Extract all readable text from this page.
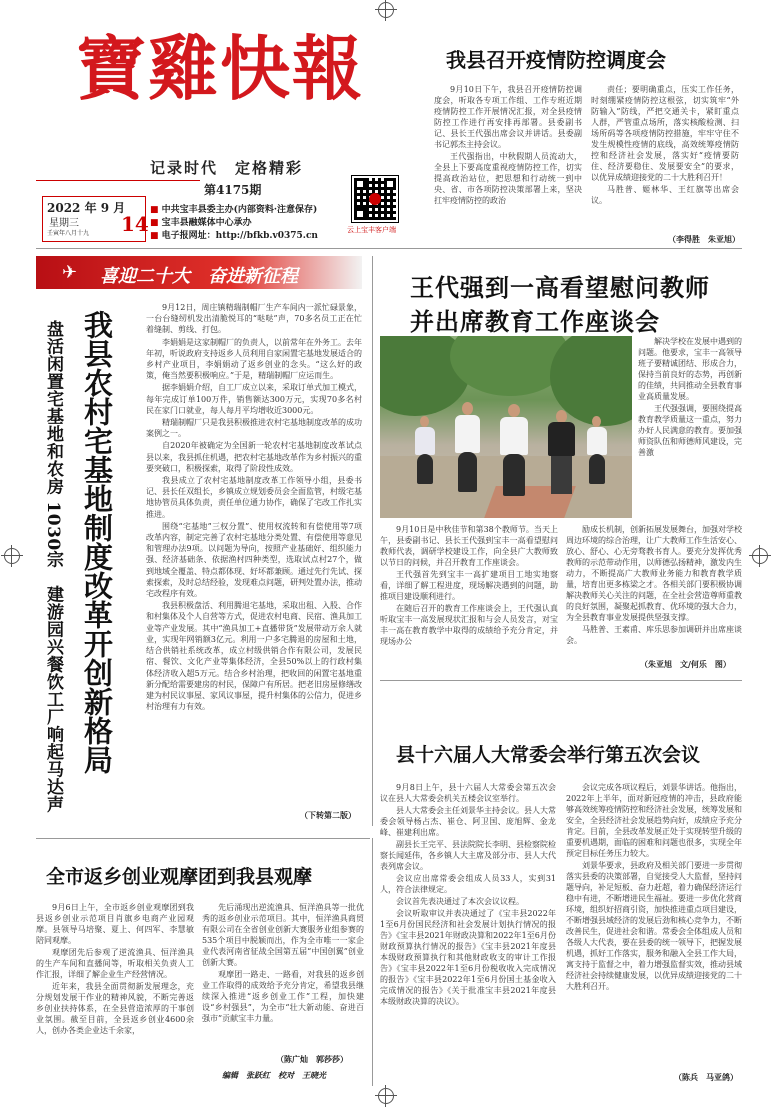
寶雞快報
记录时代　定格精彩
第4175期
2022 年 9 月
星期三
壬寅年八月十九 14
■ 中共宝丰县委主办(内部资料·注意保存)
■ 宝丰县融媒体中心承办
■ 电子报网址：http://bfkb.v0375.cn
云上宝丰客户端
我县召开疫情防控调度会

9月10日下午，我县召开疫情防控调度会，听取各专项工作组、工作专班近期疫情防控工作开展情况汇报，对全县疫情防控工作进行再安排再部署。县委副书记、县长王代强出席会议并讲话。县委副书记郭杰主持会议。

王代强指出，中秋假期人员流动大，全县上下要高度重视疫情防控工作，切实提高政治站位，把思想和行动统一到中央、省、市各项防控决策部署上来，坚决扛牢疫情防控的政治

责任；要明确重点，压实工作任务，时刻绷紧疫情防控这根弦，切实筑牢“外防输入”防线，严把交通关卡，紧盯重点人群，严管重点场所，落实核酸检测、扫场所码等各项疫情防控措施，牢牢守住不发生规模性疫情的底线，高效统筹疫情防控和经济社会发展，落实好“疫情要防住、经济要稳住、发展要安全”的要求，以优异成绩迎接党的二十大胜利召开！

马胜普、姬林华、王红旗等出席会议。

（李得胜　朱亚旭）
✈ 喜迎二十大　奋进新征程
我县农村宅基地制度改革开创新格局
盘活闲置宅基地和农房 1030宗　建游园兴餐饮工厂响起马达声

9月12日，周庄镇精瑞制帽厂生产车间内一派忙碌景象，一台台缝纫机发出清脆悦耳的“哒哒”声，70多名员工正在忙着缝制、剪线、打包。

李娟娟是这家制帽厂的负责人，以前常年在外务工。去年年初，听说政府支持返乡人员利用自家闲置宅基地发展适合的乡村产业项目，李娟娟动了返乡创业的念头。“这么好的政策，俺当然要积极响应。”于是，精瑞制帽厂应运而生。

据李娟娟介绍，自工厂成立以来，采取订单式加工模式，每年完成订单100万件，销售额达300万元，实现70多名村民在家门口就业，每人每月平均增收近3000元。

精瑞制帽厂只是我县积极推进农村宅基地制度改革的成功案例之一。

自2020年被确定为全国新一轮农村宅基地制度改革试点县以来，我县抓住机遇，把农村宅基地改革作为乡村振兴的重要突破口，积极探索，取得了阶段性成效。

我县成立了农村宅基地制度改革工作领导小组，县委书记、县长任双组长，乡镇成立规划委员会全面监管，村级宅基地协管员具体负责，责任单位通力协作，确保了宅改工作扎实推进。

围绕“宅基地”三权分置”、使用权流转和有偿使用等7项改革内容，制定完善了农村宅基地分类处置、有偿使用等意见和管理办法9项。以问题为导向，按照产业基础好、组织能力强、经济基础条、依据渔村四种类型，选取试点村27个，做到地域全覆盖、特点都体现、好坏都兼顾。通过先行先试、探索探索，及时总结经验，发现难点问题，研判处置办法，推动宅改程序有效。

我县积极盘活、利用腾退宅基地，采取出租、入股、合作和村集体及个人自营等方式，促进农村电商、民宿、渔具加工业等产业发展。其中“渔具加工+直播带货”发展带动万余人就业，实现年网销额3亿元。利用一户多宅腾退的房屋和土地，结合供销社系统改革，成立村级供销合作有限公司，发展民宿、餐饮、文化产业等集体经济，全县50%以上的行政村集体经济收入超5万元。结合乡村治理，把收回的闲置宅基地重新分配给需要建房的村民，保障户有所居。把老旧房屋修缮改建为村民议事屋、家风议事屋，提升村集体的公信力，促进乡村治理有力有效。

（下转第二版）
王代强到一高看望慰问教师
并出席教育工作座谈会

解决学校在发展中遇到的问题。他要求，宝丰一高领导班子要精诚团结、形成合力，保持当前良好的态势，再创新的佳绩，共同推动全县教育事业高质量发展。

王代强强调，要围绕提高教育教学质量这一重点，努力办好人民满意的教育。要加强师资队伍和师德师风建设，完善激

9月10日是中秋佳节和第38个教师节。当天上午，县委副书记、县长王代强到宝丰一高看望慰问教师代表，调研学校建设工作，向全县广大教师致以节日的问候，并召开教育工作座谈会。

王代强首先到宝丰一高扩建项目工地实地察看，详细了解工程进度，现场解决遇到的问题，助推项目建设顺利进行。

在随后召开的教育工作座谈会上，王代强认真听取宝丰一高发展现状汇报和与会人员发言，对宝丰一高在教育教学中取得的成绩给予充分肯定，并现场办公

励成长机制，创新拓展发展舞台，加强对学校周边环境的综合治理，让广大教师工作生活安心、放心、舒心、心无旁骛教书育人。要充分发挥优秀教师的示范带动作用，以师德弘扬精神，激发内生动力，不断提高广大教师业务能力和教育教学质量，培育出更多栋梁之才。各相关部门要积极协调解决教师关心关注的问题，在全社会营造尊师重教的良好氛围，凝聚起抓教育、优环境的强大合力，为全县教育事业发展提供坚强支撑。

马胜普、王素甫、库乐思参加调研并出席座谈会。

（朱亚旭　文/何乐　图）
县十六届人大常委会举行第五次会议

9月8日上午，县十六届人大常委会第五次会议在县人大常委会机关五楼会议室举行。

县人大常委会主任刘景华主持会议。县人大常委会领导杨占杰、崔仓、阿卫国、庞旭辉、金龙峰、崔建利出席。

副县长王完平、县法院院长李明、县检察院检察长闻延伟，各乡镇人大主席及部分市、县人大代表列席会议。

会议应出席常委会组成人员33人，实到31人，符合法律规定。

会议首先表决通过了本次会议议程。

会议听取审议并表决通过了《宝丰县2022年1至6月份国民经济和社会发展计划执行情况的报告》《宝丰县2021年财政决算和2022年1至6月份财政预算执行情况的报告》《宝丰县2021年度县本级财政预算执行和其他财政收支的审计工作报告》《宝丰县2022年1至6月份税收收入完成情况的报告》《宝丰县2022年1至6月份国土基金收入完成情况的报告》《关于批准宝丰县2021年度县本级财政决算的决议》。

会议完成各项议程后，刘景华讲话。他指出，2022年上半年，面对新冠疫情的冲击，县政府能够高效统筹疫情防控和经济社会发展，统筹发展和安全，全县经济社会发展趋势向好，成绩应予充分肯定。目前，全县改革发展正处于实现转型升级的重要机遇期，面临的困难和问题也很多，实现全年预定目标任务压力较大。

刘景华要求，县政府及相关部门要进一步贯彻落实县委的决策部署，自觉接受人大监督，坚持问题导向，补足短板、奋力赶超，着力确保经济运行稳中有进，不断增进民生福祉。要进一步优化营商环境，组织好招商引资，加快推进重点项目建设，不断增强县域经济的发展后劲和核心竞争力，不断改善民生，促进社会和谐。常委会全体组成人员和各级人大代表，要在县委的统一领导下，把握发展机遇，抓好工作落实，服务和融入全县工作大局，寓支持于监督之中，着力增强监督实效，推动县域经济社会持续健康发展，以优异成绩迎接党的二十大胜利召开。

（陈兵　马亚鸽）
全市返乡创业观摩团到我县观摩

9月6日上午，全市返乡创业观摩团到我县返乡创业示范项目肖旗乡电商产业园观摩。县领导马培聚、夏上、何四军、李慧敏陪同观摩。

观摩团先后参观了逆流渔具、恒洋渔具的生产车间和直播间等，听取相关负责人工作汇报，详细了解企业生产经营情况。

近年来，我县全面贯彻新发展理念，充分规划发展干作业的精神风貌，不断完善返乡创业扶持体系，在全县营造浓厚的干事创业氛围。截至目前，全县返乡创业4600余人，创办各类企业达千余家，

先后涌现出逆流渔具、恒洋渔具等一批优秀的返乡创业示范项目。其中，恒洋渔具商贸有限公司在全省创业创新大赛服务业组参赛的535个项目中脱颖而出，作为全市唯一一家企业代表河南省征战全国第五届“中国创翼”创业创新大赛。

观摩团一路走、一路看，对我县的返乡创业工作取得的成效给予充分肯定，希望我县继续深入推进“返乡创业工作”工程，加快建设“乡村强县”，为全市“壮大新动能、奋进百强市”贡献宝丰力量。

（陈广灿　郭莎莎）
编辑　张跃红　校对　王晓光
